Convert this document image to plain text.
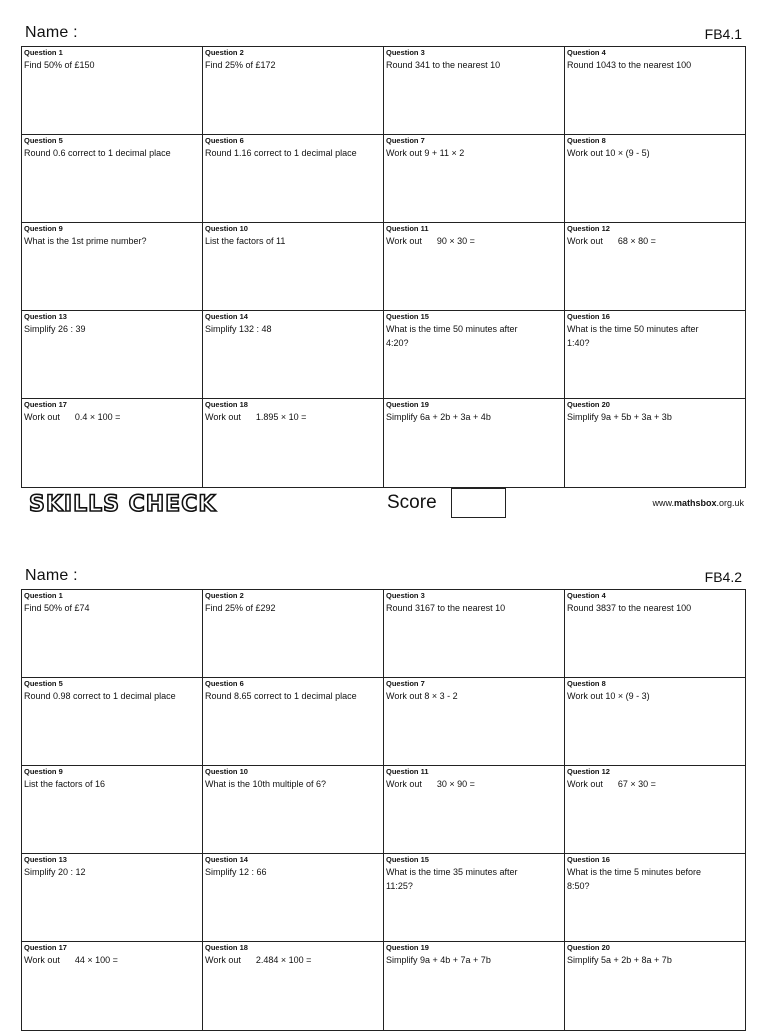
Name :	FB4.1
Question 1
Find 50% of £150
Question 2
Find 25% of £172
Question 3
Round 341 to the nearest 10
Question 4
Round 1043 to the nearest 100
Question 5
Round 0.6 correct to 1 decimal place
Question 6
Round 1.16 correct to 1 decimal place
Question 7
Work out 9 + 11 × 2
Question 8
Work out 10 × (9 - 5)
Question 9
What is the 1st prime number?
Question 10
List the factors of 11
Question 11
Work out      90 × 30 =
Question 12
Work out      68 × 80 =
Question 13
Simplify 26 : 39
Question 14
Simplify 132 : 48
Question 15
What is the time 50 minutes after
4:20?
Question 16
What is the time 50 minutes after
1:40?
Question 17
Work out      0.4 × 100 =
Question 18
Work out      1.895 × 10 =
Question 19
Simplify 6a + 2b + 3a + 4b
Question 20
Simplify 9a + 5b + 3a + 3b
SKILLS CHECK	Score	www.mathsbox.org.uk
Name :	FB4.2
Question 1
Find 50% of £74
Question 2
Find 25% of £292
Question 3
Round 3167 to the nearest 10
Question 4
Round 3837 to the nearest 100
Question 5
Round 0.98 correct to 1 decimal place
Question 6
Round 8.65 correct to 1 decimal place
Question 7
Work out 8 × 3 - 2
Question 8
Work out 10 × (9 - 3)
Question 9
List the factors of 16
Question 10
What is the 10th multiple of 6?
Question 11
Work out      30 × 90 =
Question 12
Work out      67 × 30 =
Question 13
Simplify 20 : 12
Question 14
Simplify 12 : 66
Question 15
What is the time 35 minutes after
11:25?
Question 16
What is the time 5 minutes before
8:50?
Question 17
Work out      44 × 100 =
Question 18
Work out      2.484 × 100 =
Question 19
Simplify 9a + 4b + 7a + 7b
Question 20
Simplify 5a + 2b + 8a + 7b
